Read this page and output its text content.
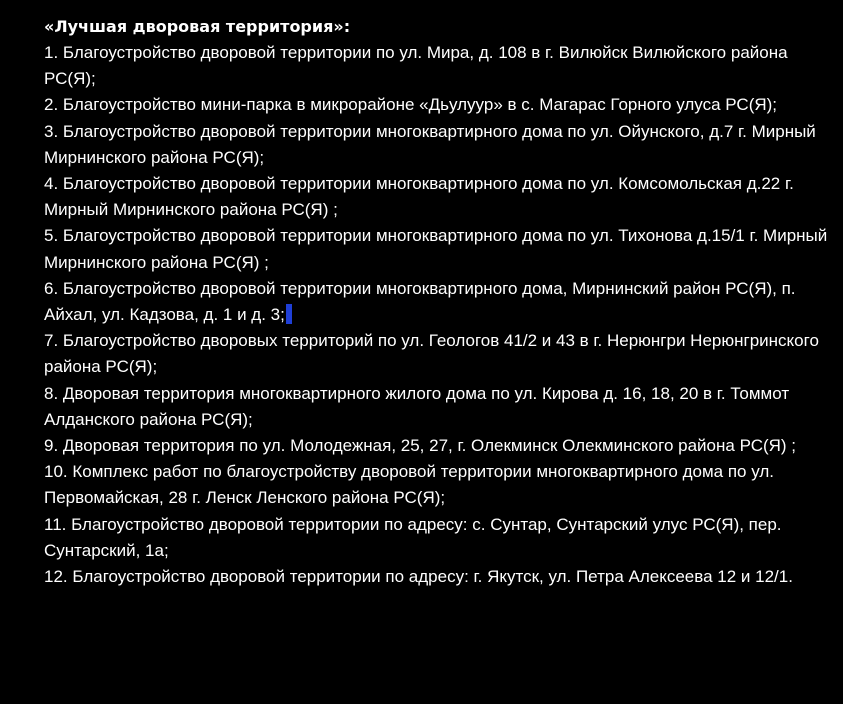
«Лучшая дворовая территория»:

1. Благоустройство дворовой территории по ул. Мира, д. 108 в г. Вилюйск Вилюйского района РС(Я);
2. Благоустройство мини-парка в микрорайоне «Дьулуур» в с. Магарас Горного улуса РС(Я);
3. Благоустройство дворовой территории многоквартирного дома по ул. Ойунского, д.7 г. Мирный Мирнинского района РС(Я);
4. Благоустройство дворовой территории многоквартирного дома по ул. Комсомольская д.22 г. Мирный Мирнинского района РС(Я) ;
5. Благоустройство дворовой территории многоквартирного дома по ул. Тихонова д.15/1 г. Мирный Мирнинского района РС(Я) ;
6. Благоустройство дворовой территории многоквартирного дома, Мирнинский район РС(Я), п. Айхал, ул. Кадзова, д. 1 и д. 3;
7. Благоустройство дворовых территорий по ул. Геологов 41/2 и 43 в г. Нерюнгри Нерюнгринского района РС(Я);
8. Дворовая территория многоквартирного жилого дома по ул. Кирова д. 16, 18, 20 в г. Томмот Алданского района РС(Я);
9. Дворовая территория по ул. Молодежная, 25, 27, г. Олекминск Олекминского района РС(Я) ;
10. Комплекс работ по благоустройству дворовой территории многоквартирного дома по ул. Первомайская, 28 г. Ленск Ленского района РС(Я);
11. Благоустройство дворовой территории по адресу: с. Сунтар, Сунтарский улус РС(Я), пер. Сунтарский, 1а;
12. Благоустройство дворовой территории по адресу: г. Якутск, ул. Петра Алексеева 12 и 12/1.
